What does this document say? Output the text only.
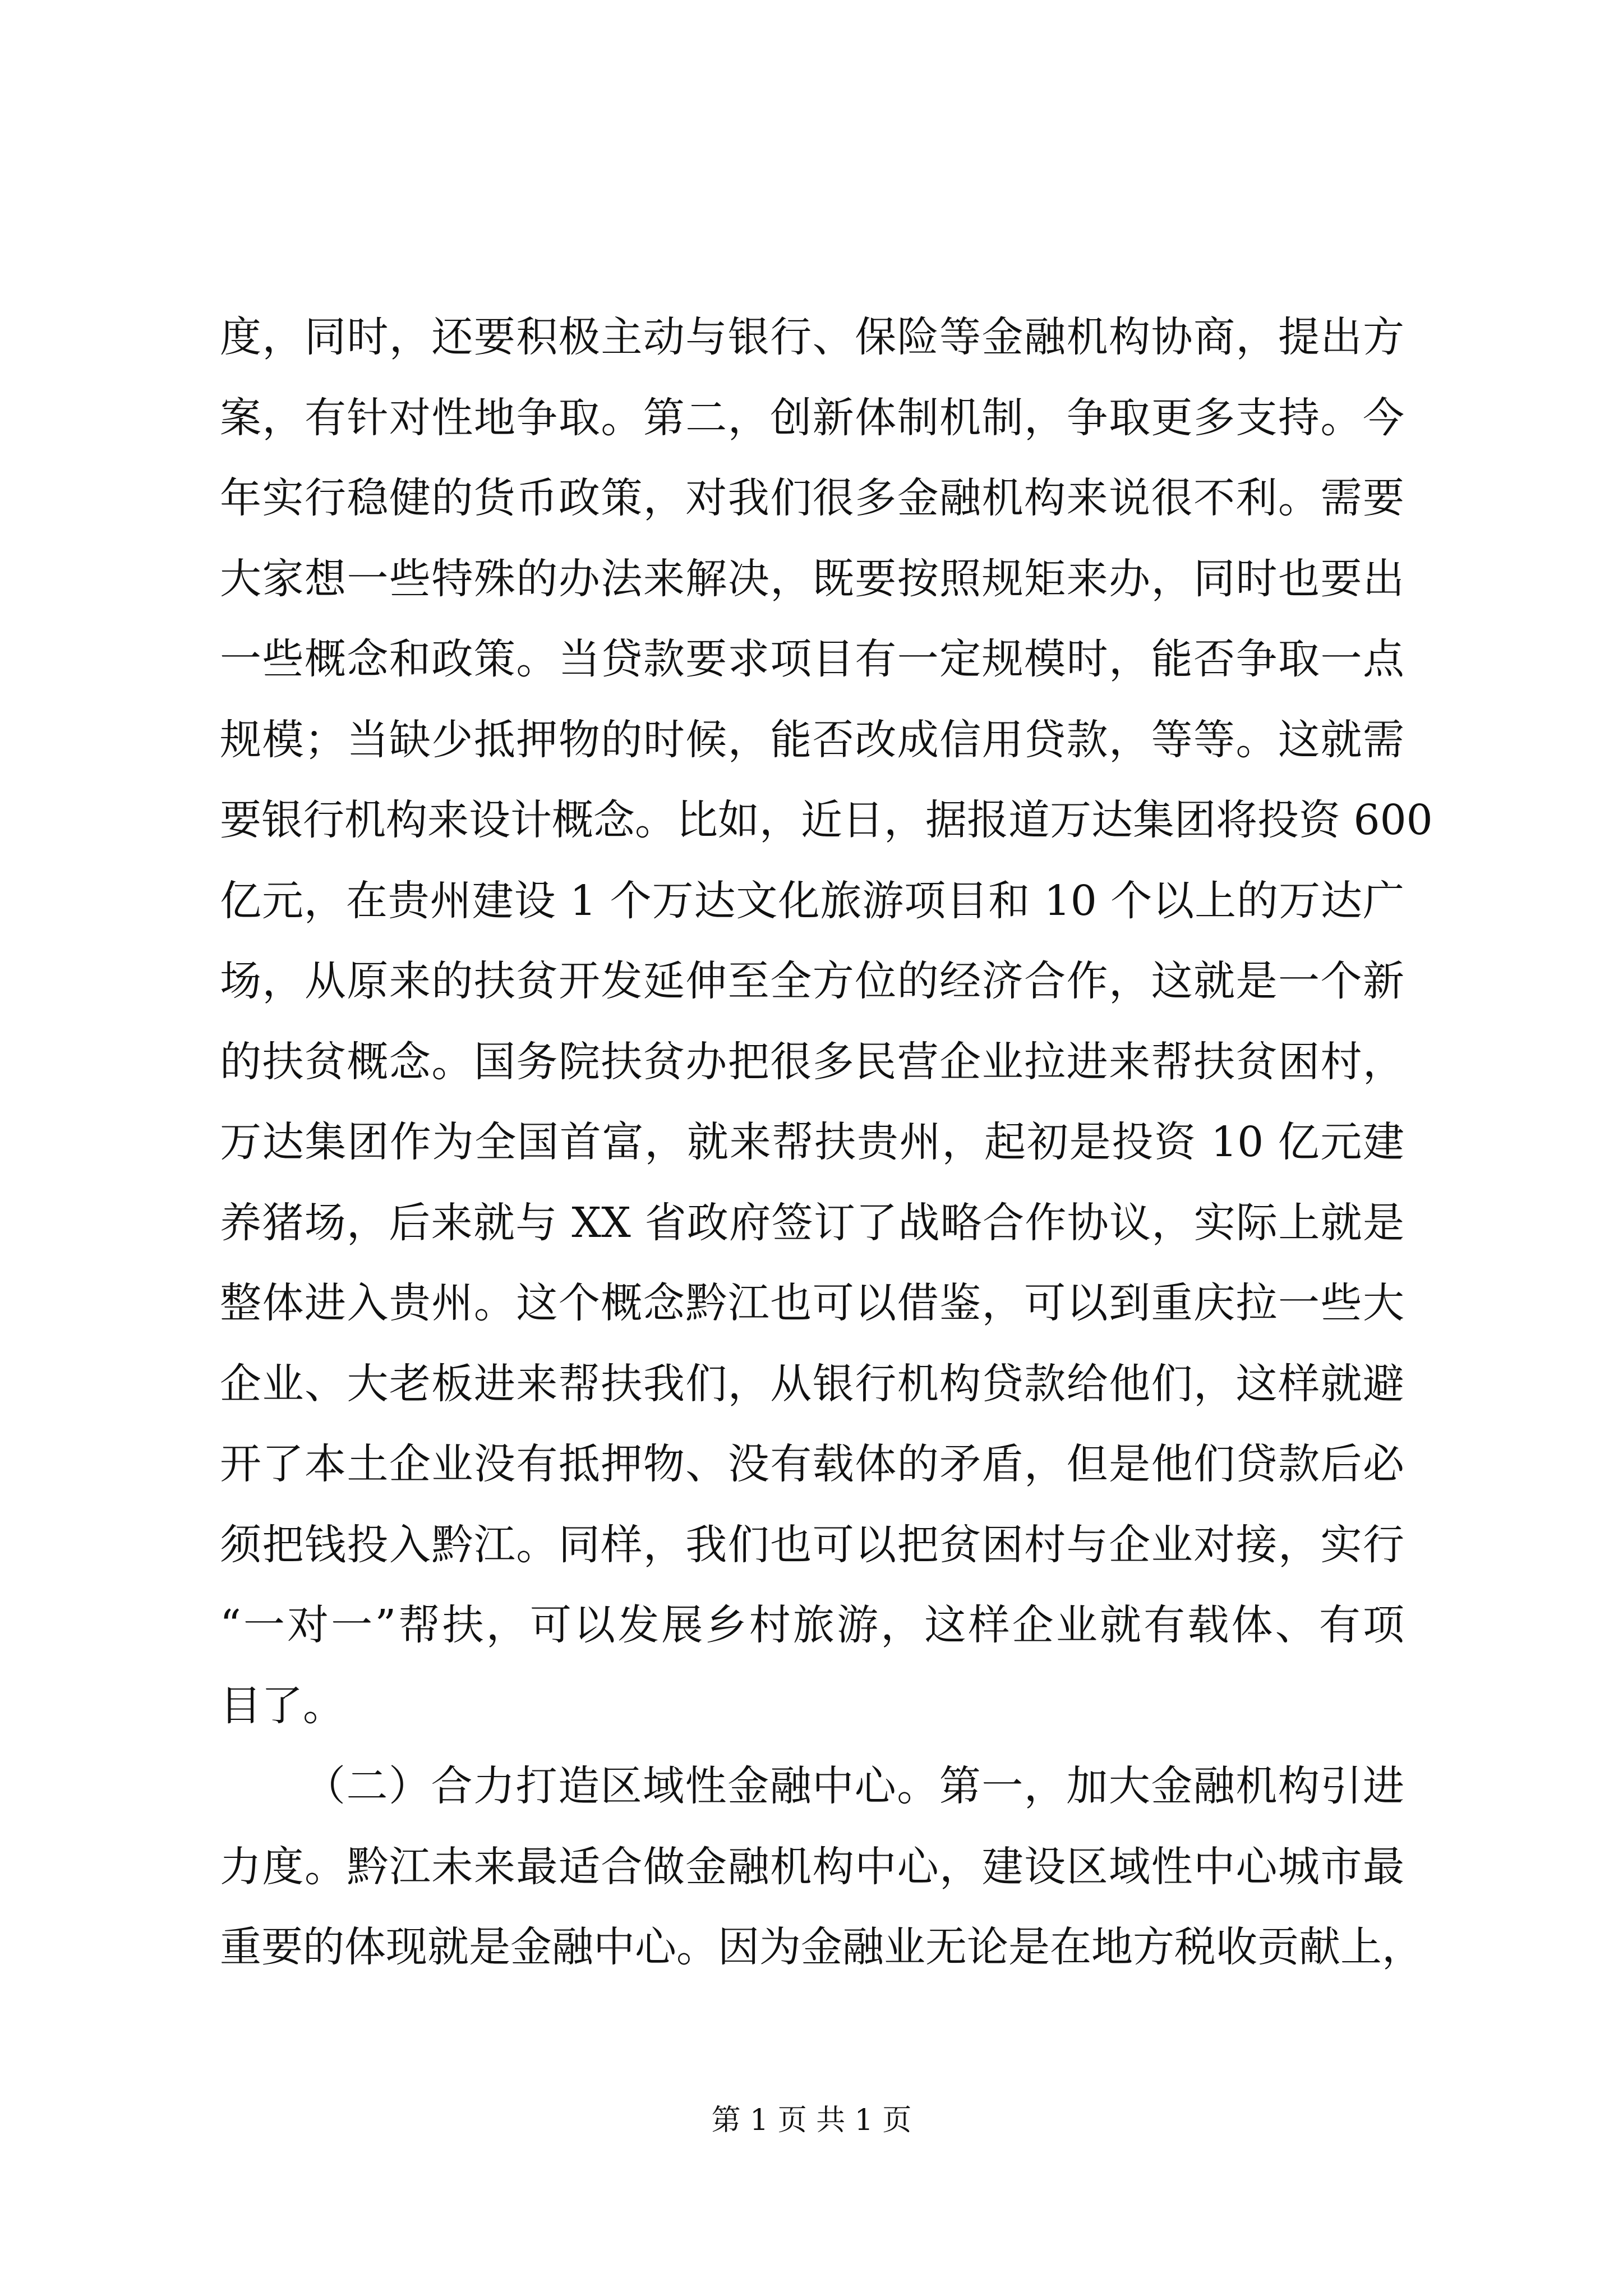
度，同时，还要积极主动与银行、保险等金融机构协商，提出方
案，有针对性地争取。第二，创新体制机制，争取更多支持。今
年实行稳健的货币政策，对我们很多金融机构来说很不利。需要
大家想一些特殊的办法来解决，既要按照规矩来办，同时也要出
一些概念和政策。当贷款要求项目有一定规模时，能否争取一点
规模；当缺少抵押物的时候，能否改成信用贷款，等等。这就需
要银行机构来设计概念。比如，近日，据报道万达集团将投资 600
亿元，在贵州建设 1 个万达文化旅游项目和 10 个以上的万达广
场，从原来的扶贫开发延伸至全方位的经济合作，这就是一个新
的扶贫概念。国务院扶贫办把很多民营企业拉进来帮扶贫困村，
万达集团作为全国首富，就来帮扶贵州，起初是投资 10 亿元建
养猪场，后来就与 XX 省政府签订了战略合作协议，实际上就是
整体进入贵州。这个概念黔江也可以借鉴，可以到重庆拉一些大
企业、大老板进来帮扶我们，从银行机构贷款给他们，这样就避
开了本土企业没有抵押物、没有载体的矛盾，但是他们贷款后必
须把钱投入黔江。同样，我们也可以把贫困村与企业对接，实行
“一对一”帮扶，可以发展乡村旅游，这样企业就有载体、有项
目了。
（二）合力打造区域性金融中心。第一，加大金融机构引进
力度。黔江未来最适合做金融机构中心，建设区域性中心城市最
重要的体现就是金融中心。因为金融业无论是在地方税收贡献上，
第 1 页 共 1 页
